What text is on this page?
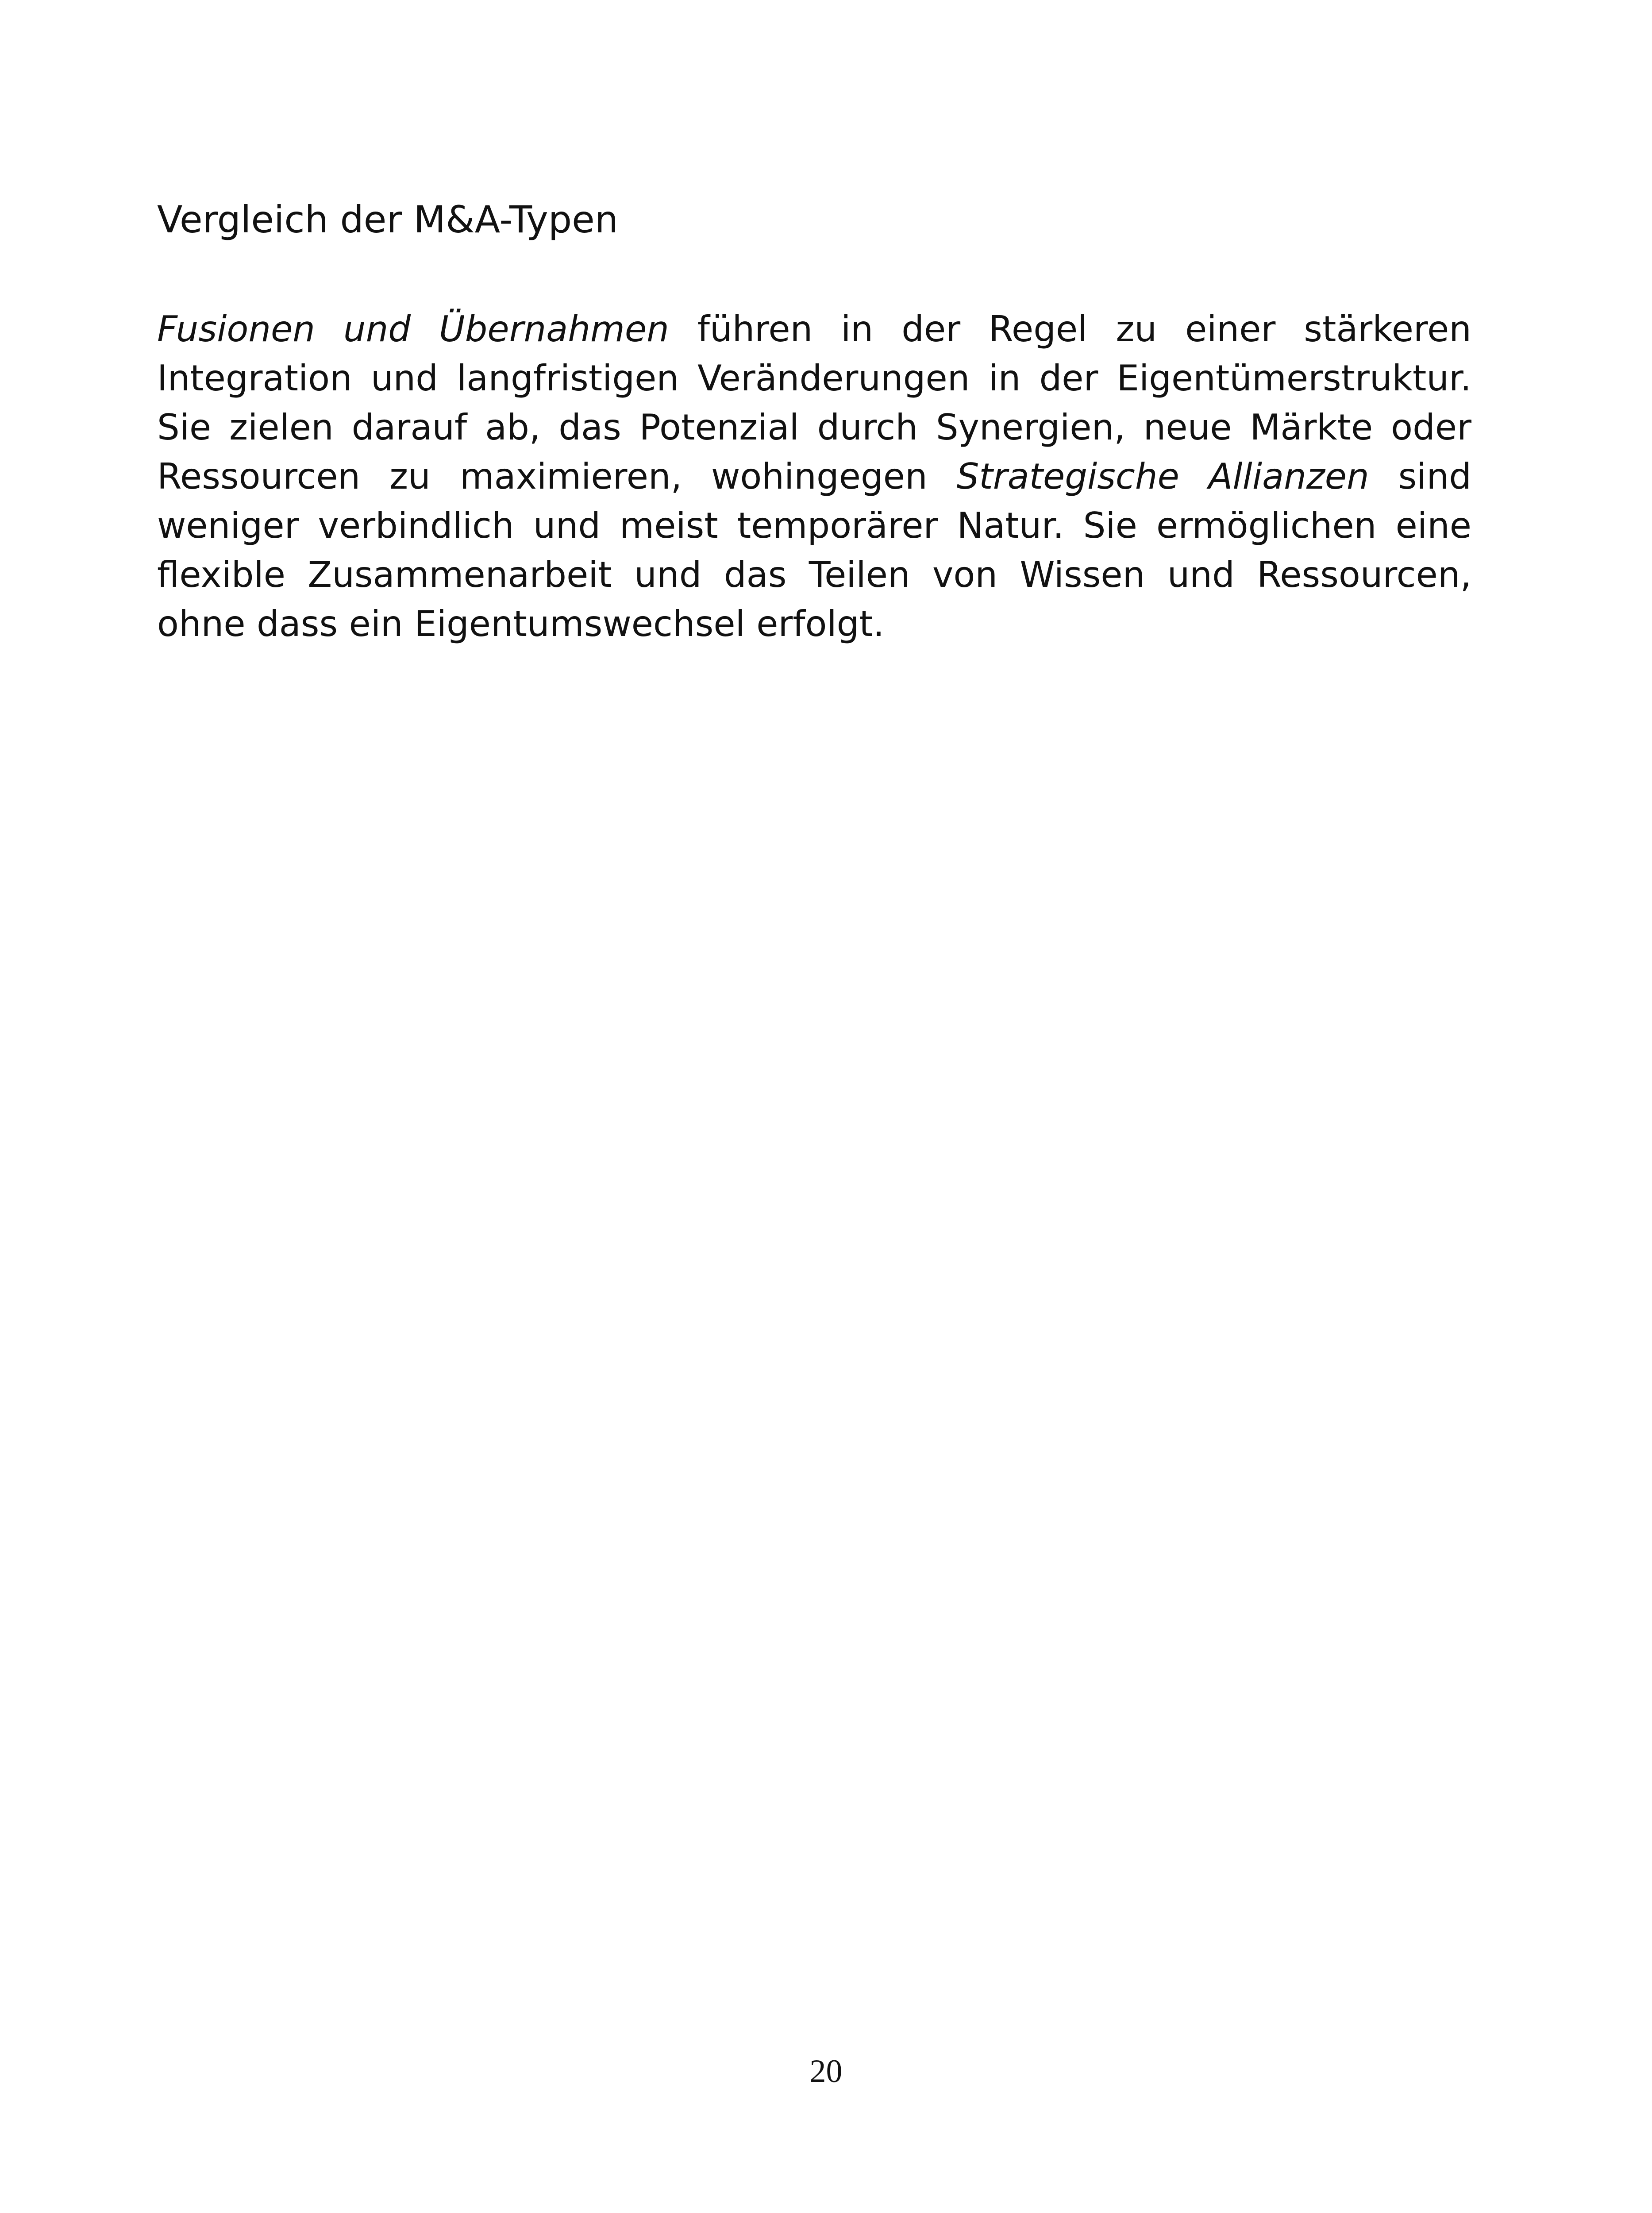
Vergleich der M&A-Typen

Fusionen und Übernahmen führen in der Regel zu einer stärkeren Integration und langfristigen Veränderungen in der Eigentümerstruktur. Sie zielen darauf ab, das Potenzial durch Synergien, neue Märkte oder Ressourcen zu maximieren, wohingegen Strategische Allianzen sind weniger verbindlich und meist temporärer Natur. Sie ermöglichen eine flexible Zusammenarbeit und das Teilen von Wissen und Ressourcen, ohne dass ein Eigentumswechsel erfolgt.

20
